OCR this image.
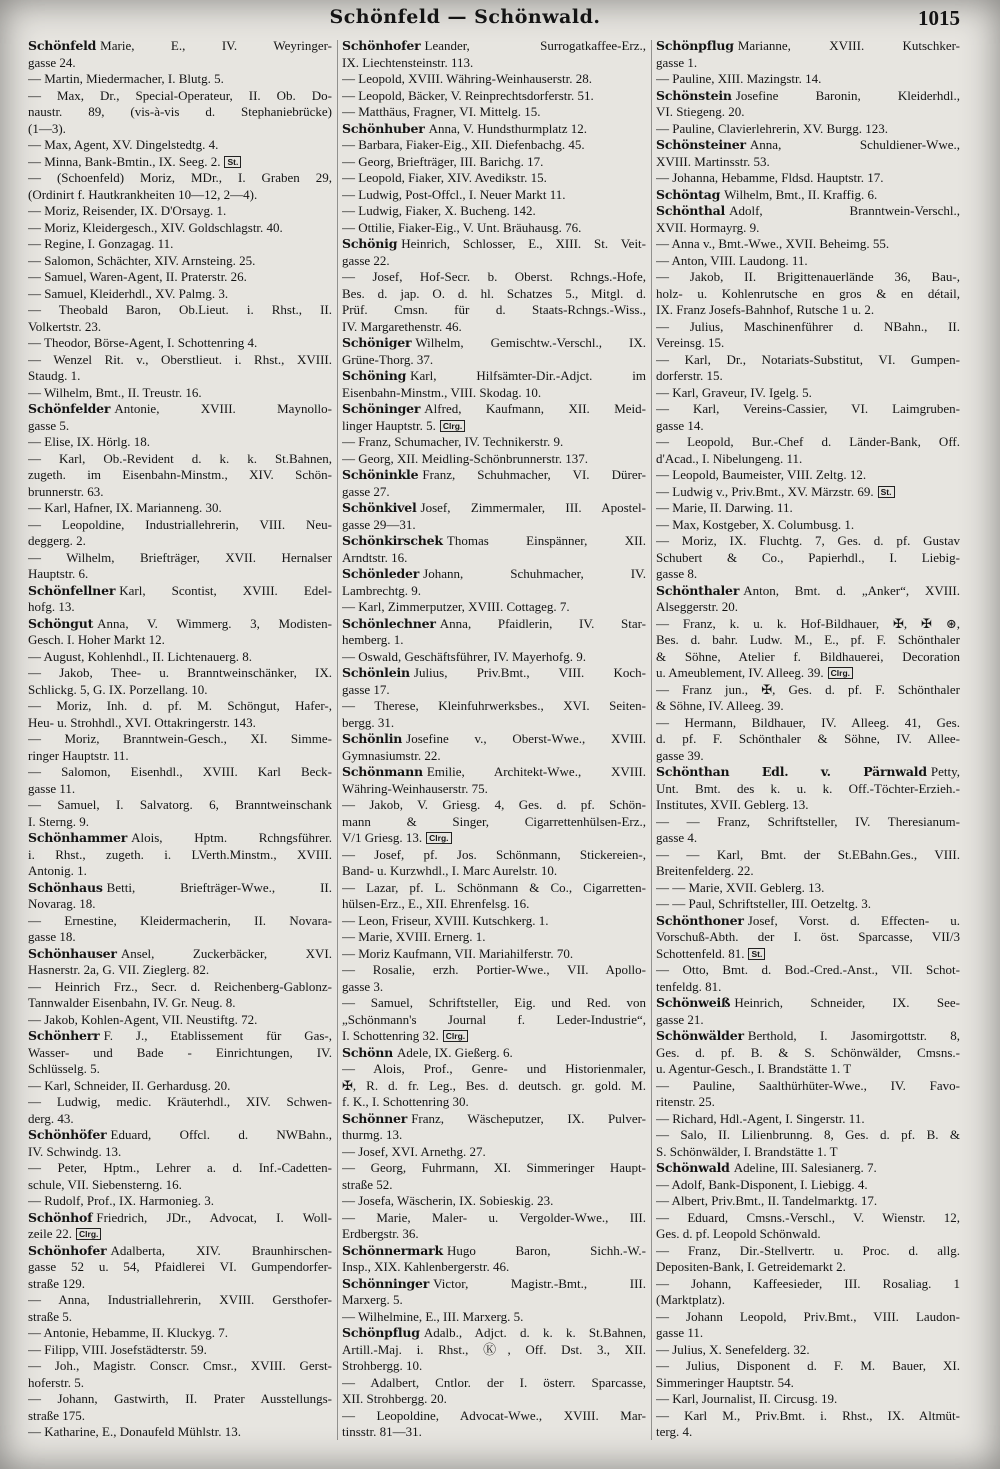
Schönfeld — Schönwald.	1015
Schönfeld Marie, E., IV. Weyringer-
gasse 24.
— Martin, Miedermacher, I. Blutg. 5.
— Max, Dr., Special-Operateur, II. Ob. Do-
naustr. 89, (vis-à-vis d. Stephaniebrücke)
(1—3).
— Max, Agent, XV. Dingelstedtg. 4.
— Minna, Bank-Bmtin., IX. Seeg. 2. St.
— (Schoenfeld) Moriz, MDr., I. Graben 29,
(Ordinirt f. Hautkrankheiten 10—12, 2—4).
— Moriz, Reisender, IX. D'Orsayg. 1.
— Moriz, Kleidergesch., XIV. Goldschlagstr. 40.
— Regine, I. Gonzagag. 11.
— Salomon, Schächter, XIV. Arnsteing. 25.
— Samuel, Waren-Agent, II. Praterstr. 26.
— Samuel, Kleiderhdl., XV. Palmg. 3.
— Theobald Baron, Ob.Lieut. i. Rhst., II.
Volkertstr. 23.
— Theodor, Börse-Agent, I. Schottenring 4.
— Wenzel Rit. v., Oberstlieut. i. Rhst., XVIII.
Staudg. 1.
— Wilhelm, Bmt., II. Treustr. 16.
Schönfelder Antonie, XVIII. Maynollo-
gasse 5.
— Elise, IX. Hörlg. 18.
— Karl, Ob.-Revident d. k. k. St.Bahnen,
zugeth. im Eisenbahn-Minstm., XIV. Schön-
brunnerstr. 63.
— Karl, Hafner, IX. Marianneng. 30.
— Leopoldine, Industriallehrerin, VIII. Neu-
deggerg. 2.
— Wilhelm, Briefträger, XVII. Hernalser
Hauptstr. 6.
Schönfellner Karl, Scontist, XVIII. Edel-
hofg. 13.
Schöngut Anna, V. Wimmerg. 3, Modisten-
Gesch. I. Hoher Markt 12.
— August, Kohlenhdl., II. Lichtenauerg. 8.
— Jakob, Thee- u. Branntweinschänker, IX.
Schlickg. 5, G. IX. Porzellang. 10.
— Moriz, Inh. d. pf. M. Schöngut, Hafer-,
Heu- u. Strohhdl., XVI. Ottakringerstr. 143.
— Moriz, Branntwein-Gesch., XI. Simme-
ringer Hauptstr. 11.
— Salomon, Eisenhdl., XVIII. Karl Beck-
gasse 11.
— Samuel, I. Salvatorg. 6, Branntweinschank
I. Sterng. 9.
Schönhammer Alois, Hptm. Rchngsführer.
i. Rhst., zugeth. i. LVerth.Minstm., XVIII.
Antonig. 1.
Schönhaus Betti, Briefträger-Wwe., II.
Novarag. 18.
— Ernestine, Kleidermacherin, II. Novara-
gasse 18.
Schönhauser Ansel, Zuckerbäcker, XVI.
Hasnerstr. 2a, G. VII. Zieglerg. 82.
— Heinrich Frz., Secr. d. Reichenberg-Gablonz-
Tannwalder Eisenbahn, IV. Gr. Neug. 8.
— Jakob, Kohlen-Agent, VII. Neustiftg. 72.
Schönherr F. J., Etablissement für Gas-,
Wasser- und Bade - Einrichtungen, IV.
Schlüsselg. 5.
— Karl, Schneider, II. Gerhardusg. 20.
— Ludwig, medic. Kräuterhdl., XIV. Schwen-
derg. 43.
Schönhöfer Eduard, Offcl. d. NWBahn.,
IV. Schwindg. 13.
— Peter, Hptm., Lehrer a. d. Inf.-Cadetten-
schule, VII. Siebensterng. 16.
— Rudolf, Prof., IX. Harmonieg. 3.
Schönhof Friedrich, JDr., Advocat, I. Woll-
zeile 22. Clrg.
Schönhofer Adalberta, XIV. Braunhirschen-
gasse 52 u. 54, Pfaidlerei VI. Gumpendorfer-
straße 129.
— Anna, Industriallehrerin, XVIII. Gersthofer-
straße 5.
— Antonie, Hebamme, II. Kluckyg. 7.
— Filipp, VIII. Josefstädterstr. 59.
— Joh., Magistr. Conscr. Cmsr., XVIII. Gerst-
hoferstr. 5.
— Johann, Gastwirth, II. Prater Ausstellungs-
straße 175.
— Katharine, E., Donaufeld Mühlstr. 13.
Schönhofer Leander, Surrogatkaffee-Erz.,
IX. Liechtensteinstr. 113.
— Leopold, XVIII. Währing-Weinhauserstr. 28.
— Leopold, Bäcker, V. Reinprechtsdorferstr. 51.
— Matthäus, Fragner, VI. Mittelg. 15.
Schönhuber Anna, V. Hundsthurmplatz 12.
— Barbara, Fiaker-Eig., XII. Diefenbachg. 45.
— Georg, Briefträger, III. Barichg. 17.
— Leopold, Fiaker, XIV. Avedikstr. 15.
— Ludwig, Post-Offcl., I. Neuer Markt 11.
— Ludwig, Fiaker, X. Bucheng. 142.
— Ottilie, Fiaker-Eig., V. Unt. Bräuhausg. 76.
Schönig Heinrich, Schlosser, E., XIII. St. Veit-
gasse 22.
— Josef, Hof-Secr. b. Oberst. Rchngs.-Hofe,
Bes. d. jap. O. d. hl. Schatzes 5., Mitgl. d.
Prüf. Cmsn. für d. Staats-Rchngs.-Wiss.,
IV. Margarethenstr. 46.
Schöniger Wilhelm, Gemischtw.-Verschl., IX.
Grüne-Thorg. 37.
Schöning Karl, Hilfsämter-Dir.-Adjct. im
Eisenbahn-Minstm., VIII. Skodag. 10.
Schöninger Alfred, Kaufmann, XII. Meid-
linger Hauptstr. 5. Clrg.
— Franz, Schumacher, IV. Technikerstr. 9.
— Georg, XII. Meidling-Schönbrunnerstr. 137.
Schöninkle Franz, Schuhmacher, VI. Dürer-
gasse 27.
Schönkivel Josef, Zimmermaler, III. Apostel-
gasse 29—31.
Schönkirschek Thomas Einspänner, XII.
Arndtstr. 16.
Schönleder Johann, Schuhmacher, IV.
Lambrechtg. 9.
— Karl, Zimmerputzer, XVIII. Cottageg. 7.
Schönlechner Anna, Pfaidlerin, IV. Star-
hemberg. 1.
— Oswald, Geschäftsführer, IV. Mayerhofg. 9.
Schönlein Julius, Priv.Bmt., VIII. Koch-
gasse 17.
— Therese, Kleinfuhrwerksbes., XVI. Seiten-
bergg. 31.
Schönlin Josefine v., Oberst-Wwe., XVIII.
Gymnasiumstr. 22.
Schönmann Emilie, Architekt-Wwe., XVIII.
Währing-Weinhauserstr. 75.
— Jakob, V. Griesg. 4, Ges. d. pf. Schön-
mann & Singer, Cigarrettenhülsen-Erz.,
V/1 Griesg. 13. Clrg.
— Josef, pf. Jos. Schönmann, Stickereien-,
Band- u. Kurzwhdl., I. Marc Aurelstr. 10.
— Lazar, pf. L. Schönmann & Co., Cigarretten-
hülsen-Erz., E., XII. Ehrenfelsg. 16.
— Leon, Friseur, XVIII. Kutschkerg. 1.
— Marie, XVIII. Ernerg. 1.
— Moriz Kaufmann, VII. Mariahilferstr. 70.
— Rosalie, erzh. Portier-Wwe., VII. Apollo-
gasse 3.
— Samuel, Schriftsteller, Eig. und Red. von
„Schönmann's Journal f. Leder-Industrie“,
I. Schottenring 32. Clrg.
Schönn Adele, IX. Gießerg. 6.
— Alois, Prof., Genre- und Historienmaler,
✠, R. d. fr. Leg., Bes. d. deutsch. gr. gold. M.
f. K., I. Schottenring 30.
Schönner Franz, Wäscheputzer, IX. Pulver-
thurmg. 13.
— Josef, XVI. Arnethg. 27.
— Georg, Fuhrmann, XI. Simmeringer Haupt-
straße 52.
— Josefa, Wäscherin, IX. Sobieskig. 23.
— Marie, Maler- u. Vergolder-Wwe., III.
Erdbergstr. 36.
Schönnermark Hugo Baron, Sichh.-W.-
Insp., XIX. Kahlenbergerstr. 46.
Schönninger Victor, Magistr.-Bmt., III.
Marxerg. 5.
— Wilhelmine, E., III. Marxerg. 5.
Schönpflug Adalb., Adjct. d. k. k. St.Bahnen,
Artill.-Maj. i. Rhst., Ⓚ, Off. Dst. 3., XII.
Strohbergg. 10.
— Adalbert, Cntlor. der I. österr. Sparcasse,
XII. Strohbergg. 20.
— Leopoldine, Advocat-Wwe., XVIII. Mar-
tinsstr. 81—31.
Schönpflug Marianne, XVIII. Kutschker-
gasse 1.
— Pauline, XIII. Mazingstr. 14.
Schönstein Josefine Baronin, Kleiderhdl.,
VI. Stiegeng. 20.
— Pauline, Clavierlehrerin, XV. Burgg. 123.
Schönsteiner Anna, Schuldiener-Wwe.,
XVIII. Martinsstr. 53.
— Johanna, Hebamme, Fldsd. Hauptstr. 17.
Schöntag Wilhelm, Bmt., II. Kraffig. 6.
Schönthal Adolf, Branntwein-Verschl.,
XVII. Hormayrg. 9.
— Anna v., Bmt.-Wwe., XVII. Beheimg. 55.
— Anton, VIII. Laudong. 11.
— Jakob, II. Brigittenauerlände 36, Bau-,
holz- u. Kohlenrutsche en gros & en détail,
IX. Franz Josefs-Bahnhof, Rutsche 1 u. 2.
— Julius, Maschinenführer d. NBahn., II.
Vereinsg. 15.
— Karl, Dr., Notariats-Substitut, VI. Gumpen-
dorferstr. 15.
— Karl, Graveur, IV. Igelg. 5.
— Karl, Vereins-Cassier, VI. Laimgruben-
gasse 14.
— Leopold, Bur.-Chef d. Länder-Bank, Off.
d'Acad., I. Nibelungeng. 11.
— Leopold, Baumeister, VIII. Zeltg. 12.
— Ludwig v., Priv.Bmt., XV. Märzstr. 69. St.
— Marie, II. Darwing. 11.
— Max, Kostgeber, X. Columbusg. 1.
— Moriz, IX. Fluchtg. 7, Ges. d. pf. Gustav
Schubert & Co., Papierhdl., I. Liebig-
gasse 8.
Schönthaler Anton, Bmt. d. „Anker“, XVIII.
Alseggerstr. 20.
— Franz, k. u. k. Hof-Bildhauer, ✠, ✠ ⊛,
Bes. d. bahr. Ludw. M., E., pf. F. Schönthaler
& Söhne, Atelier f. Bildhauerei, Decoration
u. Ameublement, IV. Alleeg. 39. Clrg.
— Franz jun., ✠, Ges. d. pf. F. Schönthaler
& Söhne, IV. Alleeg. 39.
— Hermann, Bildhauer, IV. Alleeg. 41, Ges.
d. pf. F. Schönthaler & Söhne, IV. Allee-
gasse 39.
Schönthan Edl. v. Pärnwald Petty,
Unt. Bmt. des k. u. k. Off.-Töchter-Erzieh.-
Institutes, XVII. Geblerg. 13.
— — Franz, Schriftsteller, IV. Theresianum-
gasse 4.
— — Karl, Bmt. der St.EBahn.Ges., VIII.
Breitenfelderg. 22.
— — Marie, XVII. Geblerg. 13.
— — Paul, Schriftsteller, III. Oetzeltg. 3.
Schönthoner Josef, Vorst. d. Effecten- u.
Vorschuß-Abth. der I. öst. Sparcasse, VII/3
Schottenfeld. 81. St.
— Otto, Bmt. d. Bod.-Cred.-Anst., VII. Schot-
tenfeldg. 81.
Schönweiß Heinrich, Schneider, IX. See-
gasse 21.
Schönwälder Berthold, I. Jasomirgottstr. 8,
Ges. d. pf. B. & S. Schönwälder, Cmsns.-
u. Agentur-Gesch., I. Brandstätte 1. T
— Pauline, Saalthürhüter-Wwe., IV. Favo-
ritenstr. 25.
— Richard, Hdl.-Agent, I. Singerstr. 11.
— Salo, II. Lilienbrunng. 8, Ges. d. pf. B. &
S. Schönwälder, I. Brandstätte 1. T
Schönwald Adeline, III. Salesianerg. 7.
— Adolf, Bank-Disponent, I. Liebigg. 4.
— Albert, Priv.Bmt., II. Tandelmarktg. 17.
— Eduard, Cmsns.-Verschl., V. Wienstr. 12,
Ges. d. pf. Leopold Schönwald.
— Franz, Dir.-Stellvertr. u. Proc. d. allg.
Depositen-Bank, I. Getreidemarkt 2.
— Johann, Kaffeesieder, III. Rosaliag. 1
(Marktplatz).
— Johann Leopold, Priv.Bmt., VIII. Laudon-
gasse 11.
— Julius, X. Senefelderg. 32.
— Julius, Disponent d. F. M. Bauer, XI.
Simmeringer Hauptstr. 54.
— Karl, Journalist, II. Circusg. 19.
— Karl M., Priv.Bmt. i. Rhst., IX. Altmüt-
terg. 4.
